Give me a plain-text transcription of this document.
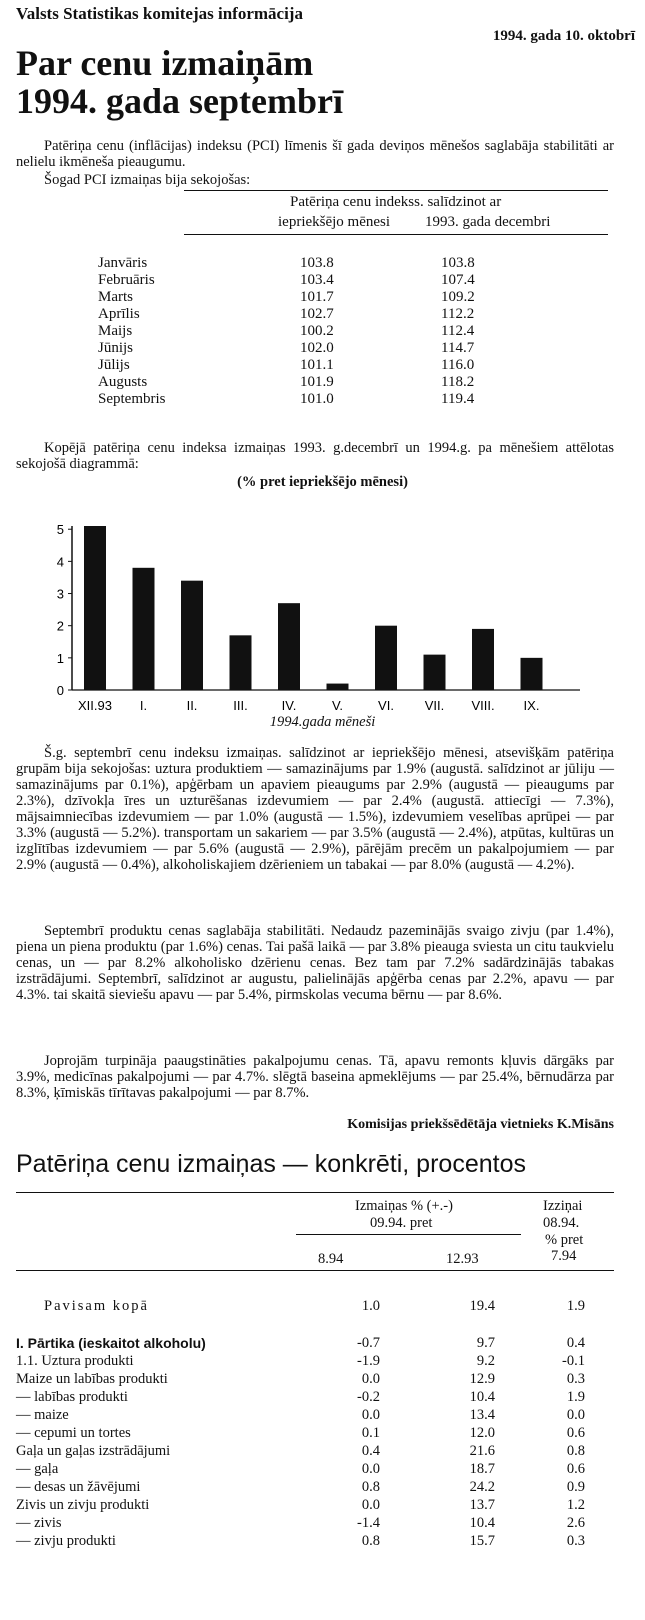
Valsts Statistikas komitejas informācija
1994. gada 10. oktobrī
Par cenu izmaiņām
1994. gada septembrī
Patēriņa cenu (inflācijas) indeksu (PCI) līmenis šī gada deviņos mēnešos saglabāja stabilitāti ar nelielu ikmēneša pieaugumu.
Šogad PCI izmaiņas bija sekojošas:
Patēriņa cenu indekss. salīdzinot ar
iepriekšējo mēnesi 1993. gada decembri
Janvāris	103.8	103.8
Februāris	103.4	107.4
Marts	101.7	109.2
Aprīlis	102.7	112.2
Maijs	100.2	112.4
Jūnijs	102.0	114.7
Jūlijs	101.1	116.0
Augusts	101.9	118.2
Septembris	101.0	119.4
Kopējā patēriņa cenu indeksa izmaiņas 1993. g.decembrī un 1994.g. pa mēnešiem attēlotas sekojošā diagrammā:
(% pret iepriekšējo mēnesi)
0
1
2
3
4
5
XII.93 I.	II.	III.	IV.	V.	VI. VII. VIII. IX.
1994.gada mēneši
Š.g. septembrī cenu indeksu izmaiņas. salīdzinot ar iepriekšējo mēnesi, atsevišķām patēriņa grupām bija sekojošas: uztura produktiem — samazinājums par 1.9% (augustā. salīdzinot ar jūliju — samazinājums par 0.1%), apģērbam un apaviem pieaugums par 2.9% (augustā — pieaugums par 2.3%), dzīvokļa īres un uzturēšanas izdevumiem — par 2.4% (augustā. attiecīgi — 7.3%), mājsaimniecības izdevumiem — par 1.0% (augustā — 1.5%), izdevumiem veselības aprūpei — par 3.3% (augustā — 5.2%). transportam un sakariem — par 3.5% (augustā — 2.4%), atpūtas, kultūras un izglītības izdevumiem — par 5.6% (augustā — 2.9%), pārējām precēm un pakalpojumiem — par 2.9% (augustā — 0.4%), alkoholiskajiem dzērieniem un tabakai — par 8.0% (augustā — 4.2%).
Septembrī produktu cenas saglabāja stabilitāti. Nedaudz pazeminājās svaigo zivju (par 1.4%), piena un piena produktu (par 1.6%) cenas. Tai pašā laikā — par 3.8% pieauga sviesta un citu taukvielu cenas, un — par 8.2% alkoholisko dzērienu cenas. Bez tam par 7.2% sadārdzinājās tabakas izstrādājumi. Septembrī, salīdzinot ar augustu, palielinājās apģērba cenas par 2.2%, apavu — par 4.3%. tai skaitā sieviešu apavu — par 5.4%, pirmskolas vecuma bērnu — par 8.6%.
Joprojām turpināja paaugstināties pakalpojumu cenas. Tā, apavu remonts kļuvis dārgāks par 3.9%, medicīnas pakalpojumi — par 4.7%. slēgtā baseina apmeklējums — par 25.4%, bērnudārza par 8.3%, ķīmiskās tīrītavas pakalpojumi — par 8.7%.
Komisijas priekšsēdētāja vietnieks K.Misāns
Patēriņa cenu izmaiņas — konkrēti, procentos
Izmaiņas % (+.-)
09.94. pret
Izziņai
08.94.
% pret
7.94
8.94	12.93
Pavisam kopā	1.0	19.4	1.9
I. Pārtika (ieskaitot alkoholu)	-0.7	9.7	0.4
1.1. Uztura produkti	-1.9	9.2	-0.1
Maize un labības produkti	0.0	12.9	0.3
— labības produkti	-0.2	10.4	1.9
— maize	0.0	13.4	0.0
— cepumi un tortes	0.1	12.0	0.6
Gaļa un gaļas izstrādājumi	0.4	21.6	0.8
— gaļa	0.0	18.7	0.6
— desas un žāvējumi	0.8	24.2	0.9
Zivis un zivju produkti	0.0	13.7	1.2
— zivis	-1.4	10.4	2.6
— zivju produkti	0.8	15.7	0.3
